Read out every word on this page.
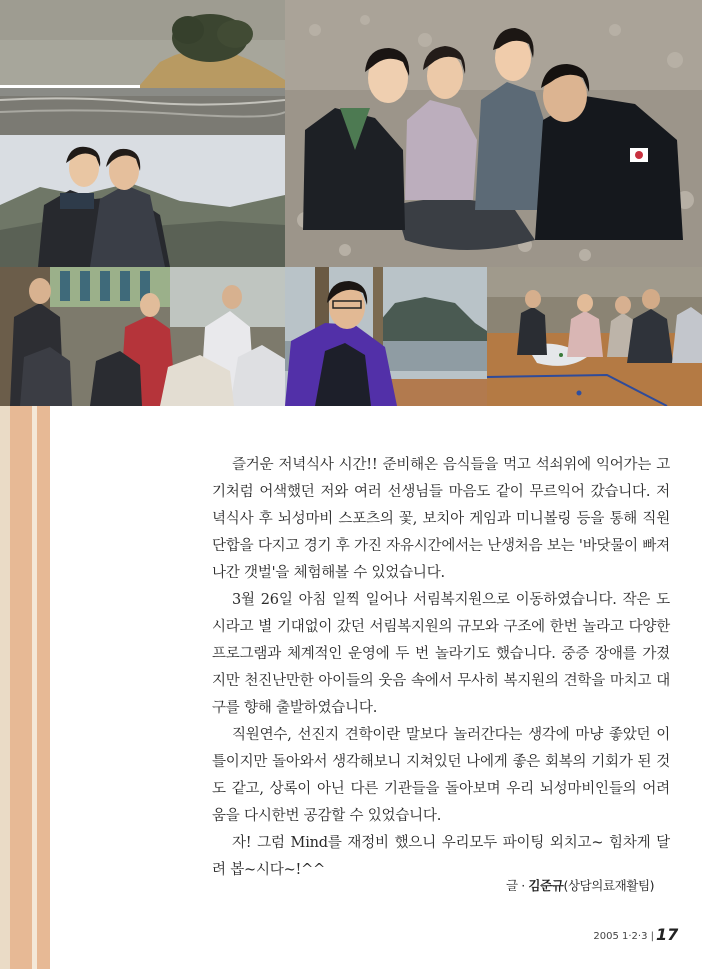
즐거운 저녁식사 시간!! 준비해온 음식들을 먹고 석쇠위에 익어가는 고기처럼 어색했던 저와 여러 선생님들 마음도 같이 무르익어 갔습니다. 저녁식사 후 뇌성마비 스포츠의 꽃, 보치아 게임과 미니볼링 등을 통해 직원단합을 다지고 경기 후 가진 자유시간에서는 난생처음 보는 '바닷물이 빠져나간 갯벌'을 체험해볼 수 있었습니다.

3월 26일 아침 일찍 일어나 서림복지원으로 이동하였습니다. 작은 도시라고 별 기대없이 갔던 서림복지원의 규모와 구조에 한번 놀라고 다양한 프로그램과 체계적인 운영에 두 번 놀라기도 했습니다. 중증 장애를 가졌지만 천진난만한 아이들의 웃음 속에서 무사히 복지원의 견학을 마치고 대구를 향해 출발하였습니다.

직원연수, 선진지 견학이란 말보다 놀러간다는 생각에 마냥 좋았던 이틀이지만 돌아와서 생각해보니 지쳐있던 나에게 좋은 회복의 기회가 된 것도 같고, 상록이 아닌 다른 기관들을 돌아보며 우리 뇌성마비인들의 어려움을 다시한번 공감할 수 있었습니다.

자! 그럼 Mind를 재정비 했으니 우리모두 파이팅 외치고~ 힘차게 달려 봅~시다~!^^

글 · 김준규(상담의료재활팀)
2005 1·2·3 | 17
